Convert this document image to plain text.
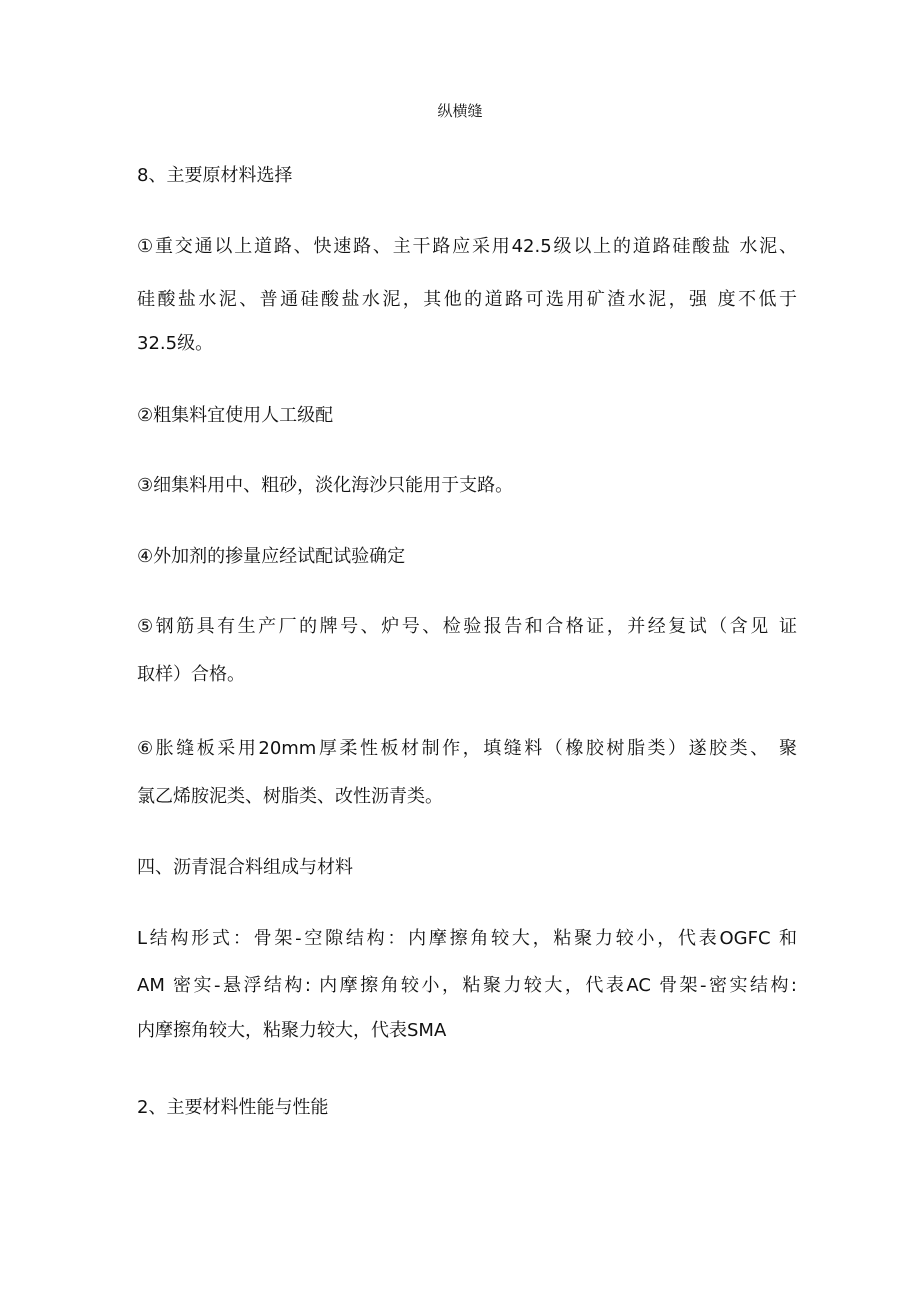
纵横缝
8、主要原材料选择
①重交通以上道路、快速路、主干路应采用42.5级以上的道路硅酸盐 水泥、
硅酸盐水泥、普通硅酸盐水泥，其他的道路可选用矿渣水泥，强 度不低于
32.5级。
②粗集料宜使用人工级配
③细集料用中、粗砂，淡化海沙只能用于支路。
④外加剂的掺量应经试配试验确定
⑤钢筋具有生产厂的牌号、炉号、检验报告和合格证，并经复试（含见 证
取样）合格。
⑥胀缝板采用20mm厚柔性板材制作，填缝料（橡胶树脂类）遂胶类、 聚
氯乙烯胺泥类、树脂类、改性沥青类。
四、沥青混合料组成与材料
L结构形式：骨架-空隙结构：内摩擦角较大，粘聚力较小，代表OGFC 和
AM 密实-悬浮结构: 内摩擦角较小，粘聚力较大，代表AC 骨架-密实结构:
内摩擦角较大，粘聚力较大，代表SMA
2、主要材料性能与性能
